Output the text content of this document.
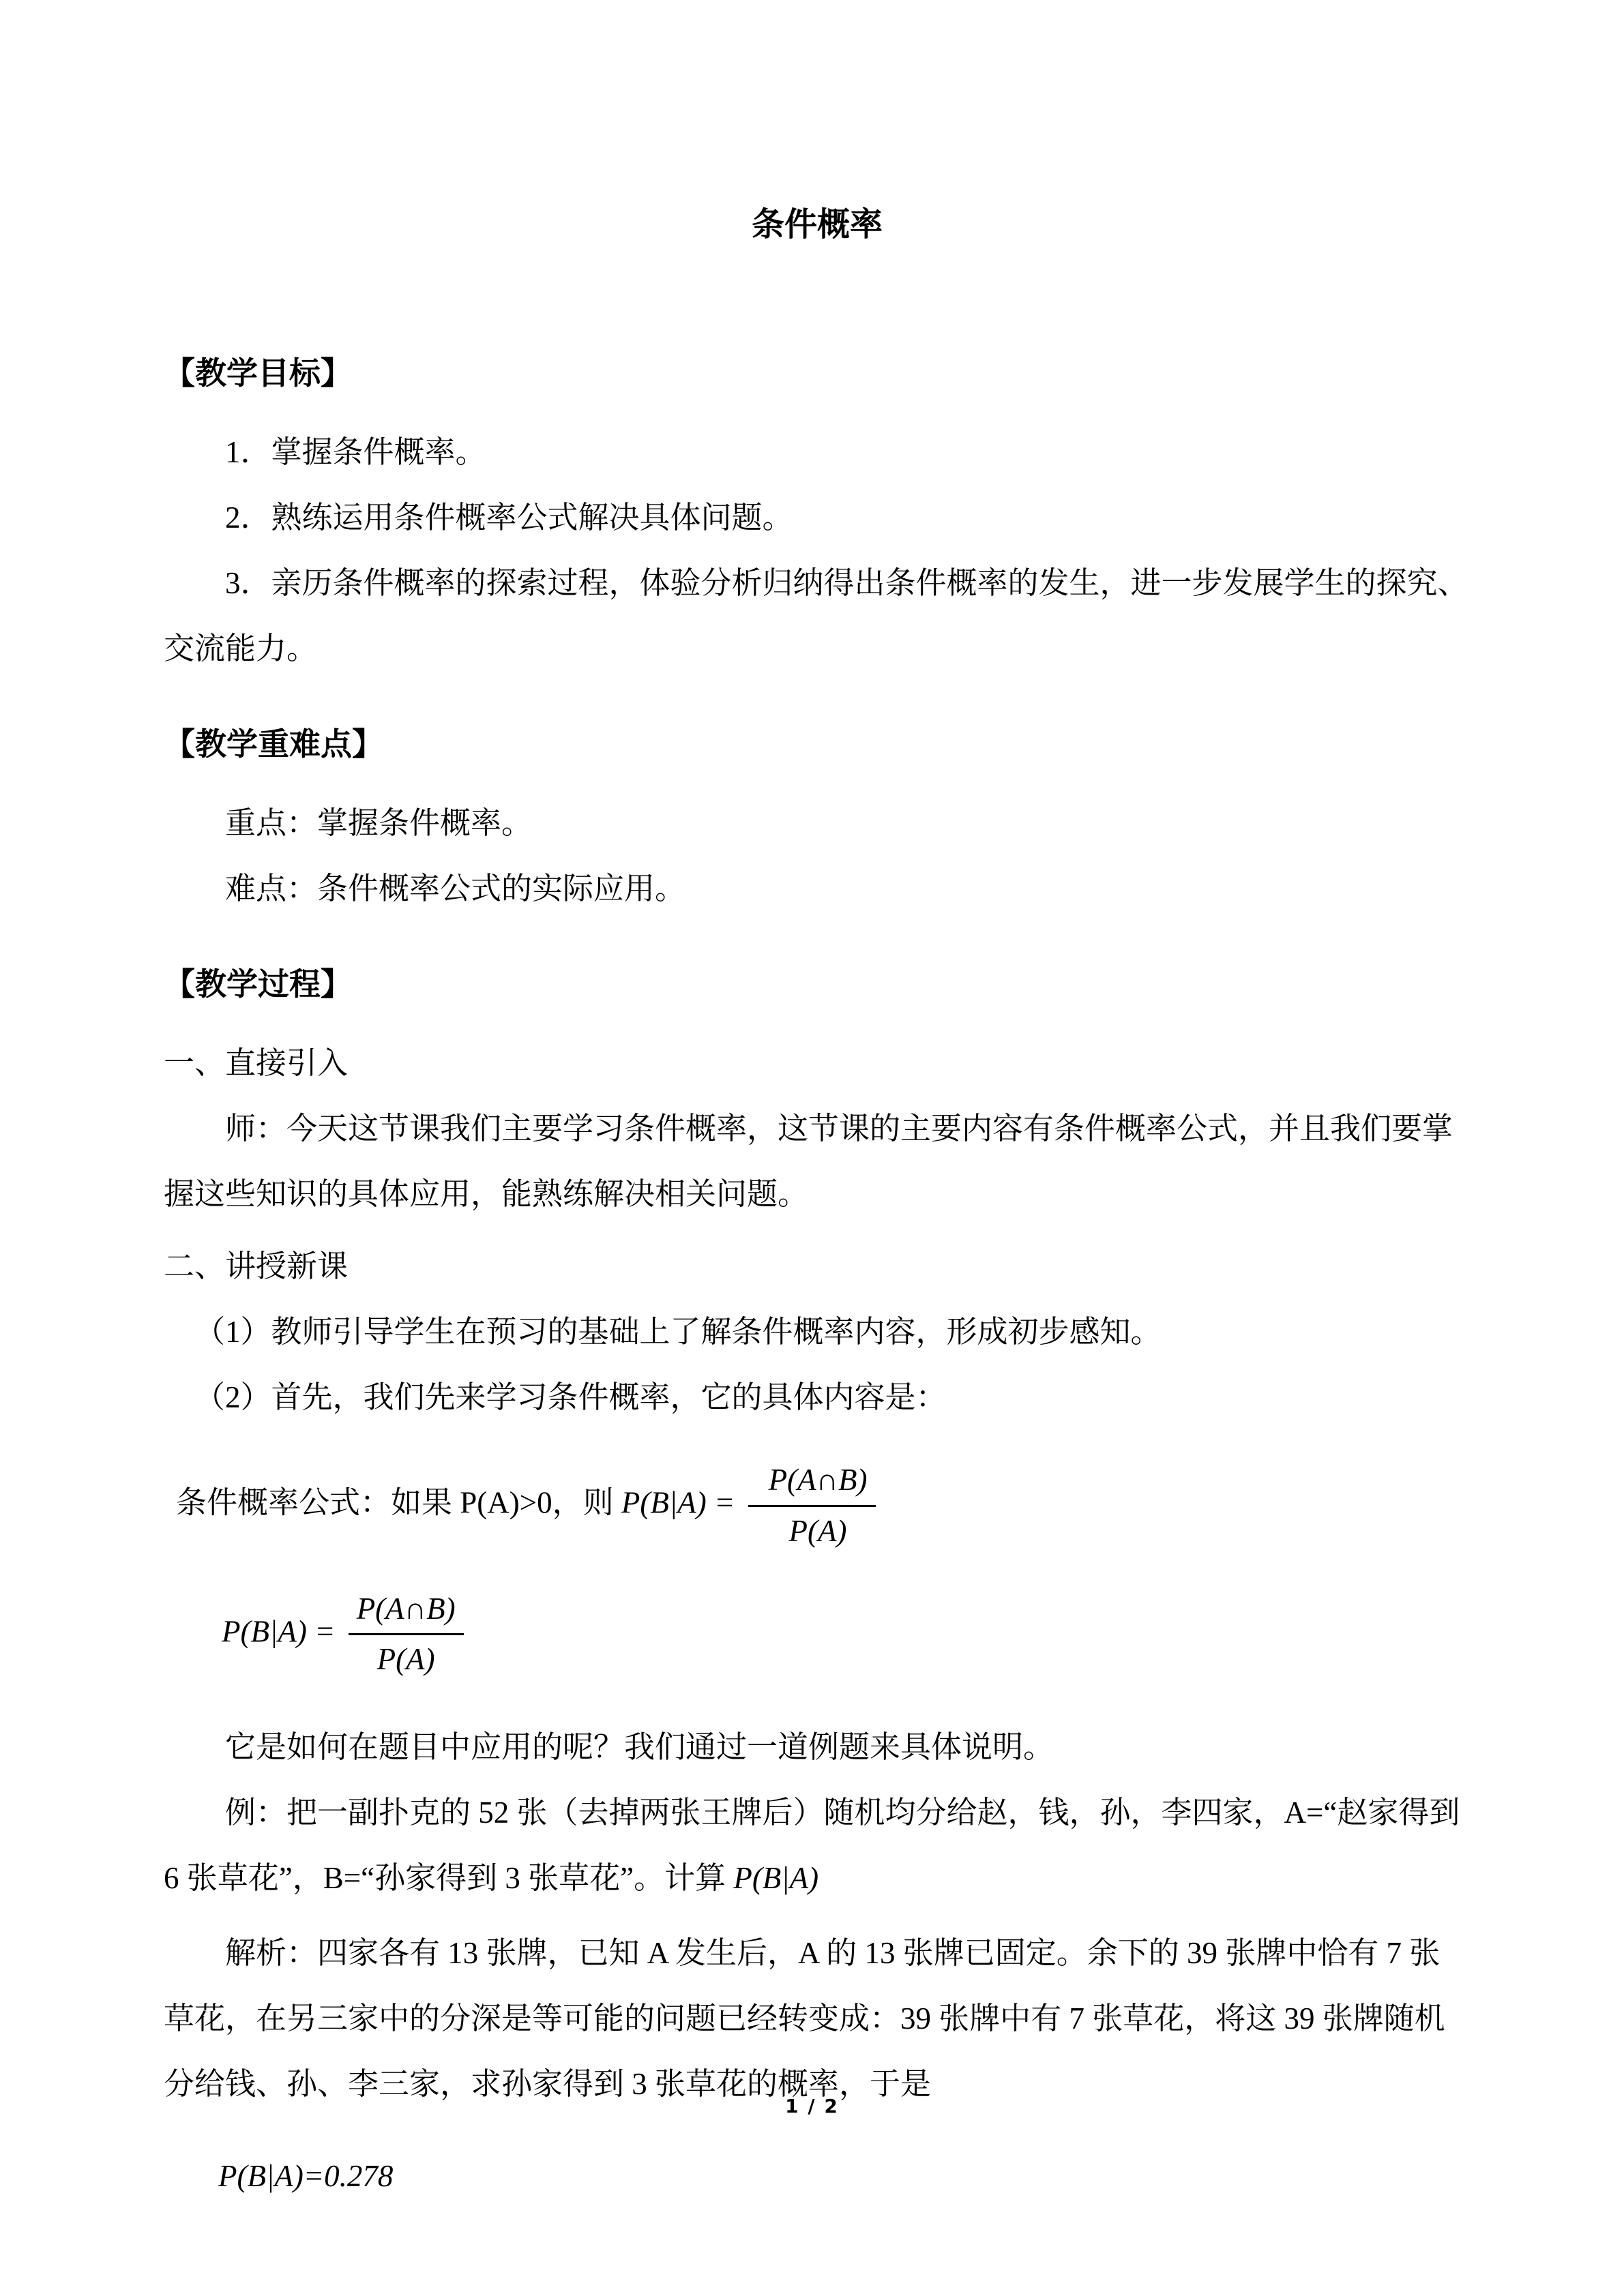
条件概率
【教学目标】

1．掌握条件概率。

2．熟练运用条件概率公式解决具体问题。

3．亲历条件概率的探索过程，体验分析归纳得出条件概率的发生，进一步发展学生的探究、交流能力。

【教学重难点】

重点：掌握条件概率。

难点：条件概率公式的实际应用。

【教学过程】

一、直接引入

师：今天这节课我们主要学习条件概率，这节课的主要内容有条件概率公式，并且我们要掌握这些知识的具体应用，能熟练解决相关问题。

二、讲授新课

（1）教师引导学生在预习的基础上了解条件概率内容，形成初步感知。

（2）首先，我们先来学习条件概率，它的具体内容是：

条件概率公式：如果 P(A)>0，则 $P(B|A) = \frac{P(A\cap B)}{P(A)}$

$P(B|A) = \frac{P(A\cap B)}{P(A)}$

它是如何在题目中应用的呢？我们通过一道例题来具体说明。

例：把一副扑克的 52 张（去掉两张王牌后）随机均分给赵，钱，孙，李四家，A=“赵家得到 6 张草花”，B=“孙家得到 3 张草花”。计算 P(B|A)

解析：四家各有 13 张牌，已知 A 发生后，A 的 13 张牌已固定。余下的 39 张牌中恰有 7 张草花，在另三家中的分深是等可能的问题已经转变成：39 张牌中有 7 张草花，将这 39 张牌随机分给钱、孙、李三家，求孙家得到 3 张草花的概率，于是

P(B|A)=0.278

1 / 2
